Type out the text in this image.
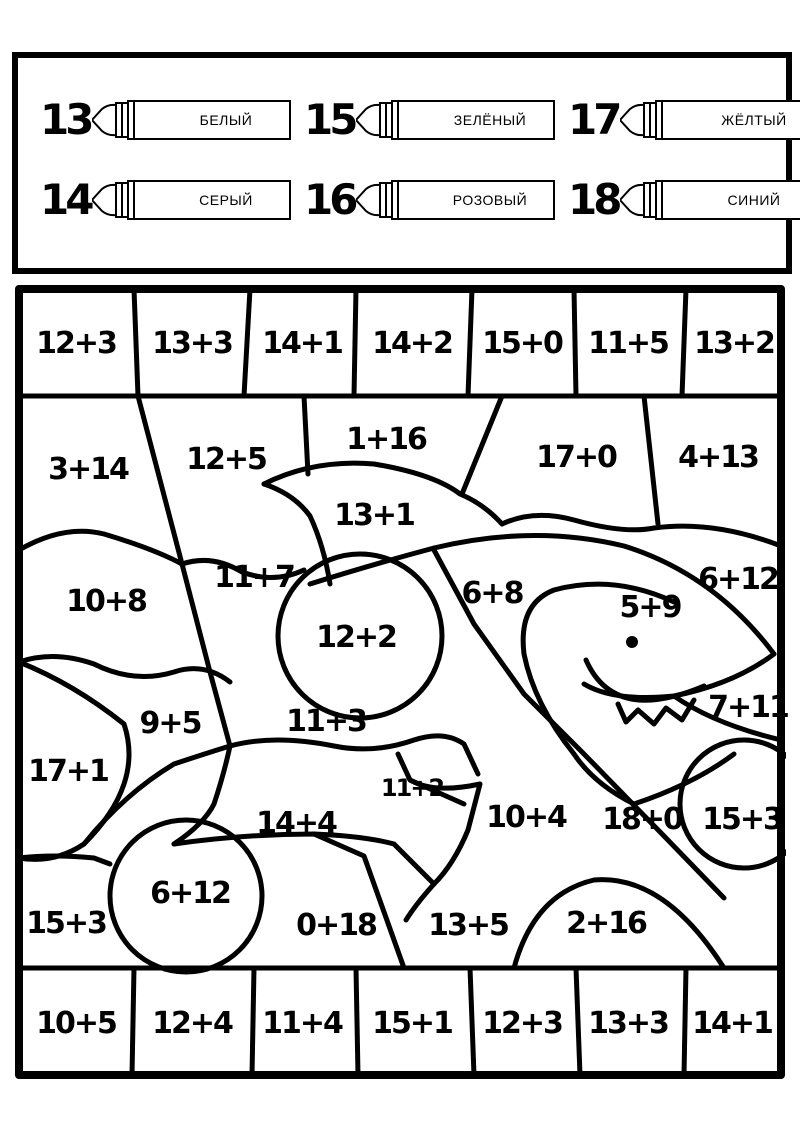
13	БЕЛЫЙ	15	ЗЕЛЁНЫЙ 17	ЖЁЛТЫЙ
14	СЕРЫЙ	16	РОЗОВЫЙ 18	СИНИЙ
12+3 13+3 14+1 14+2 15+0 11+5 13+2
10+5 12+4 11+4 15+1 12+3 13+3 14+1
3+14 12+5
1+16
17+0 4+13
13+1
10+8
11+7
12+2
6+8	5+9
6+12
9+5	11+3	7+11
17+1	11+2
10+4 18+0 15+3
14+4
6+12
15+3	0+18 13+5 2+16
